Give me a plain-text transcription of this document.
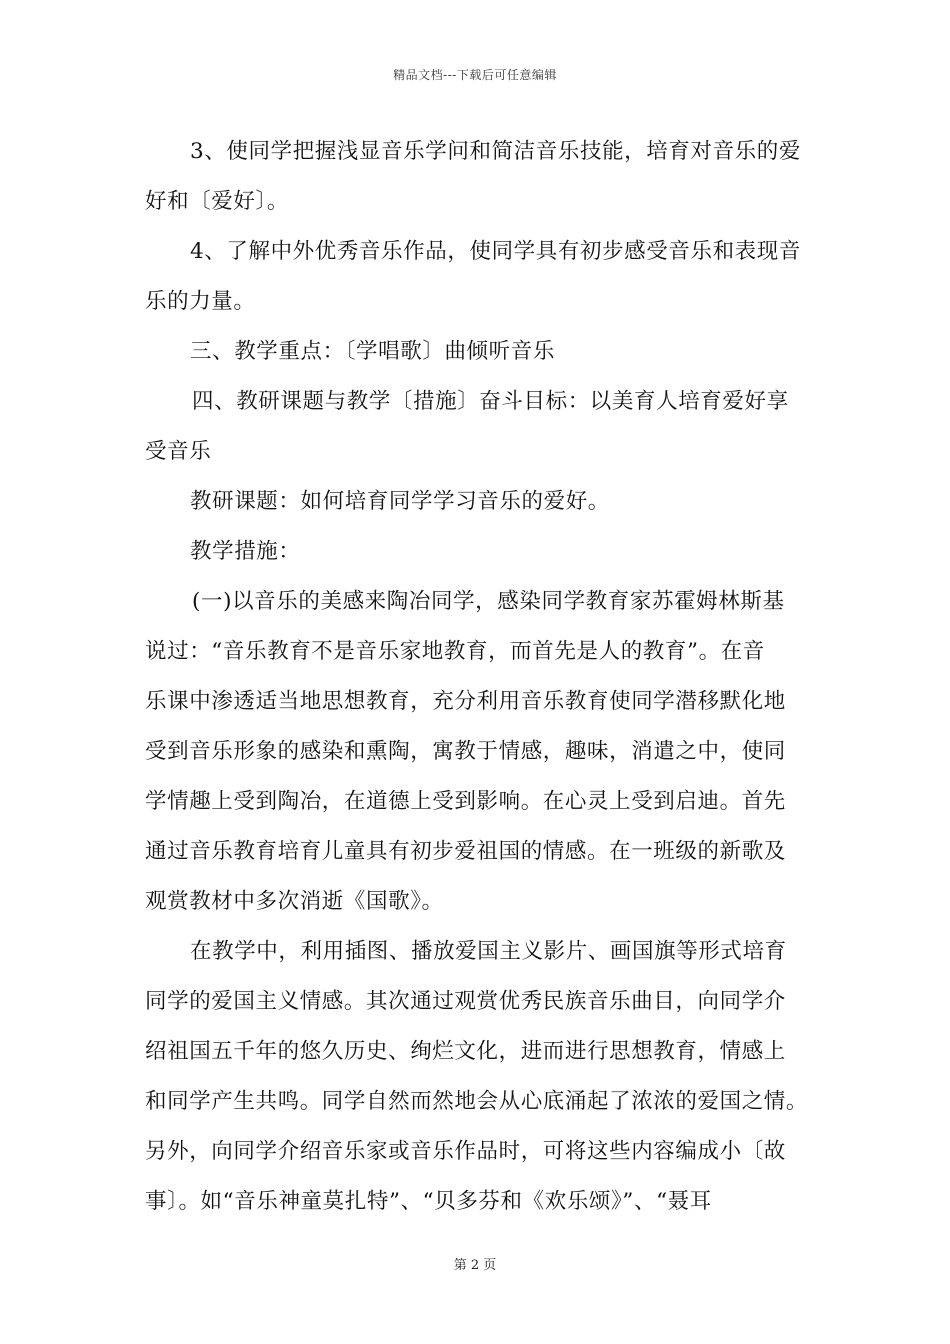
精品文档---下载后可任意编辑
3、使同学把握浅显音乐学问和简洁音乐技能，培育对音乐的爱
好和〔爱好〕。
4、了解中外优秀音乐作品，使同学具有初步感受音乐和表现音
乐的力量。
三、教学重点：〔学唱歌〕曲倾听音乐
四、教研课题与教学〔措施〕奋斗目标：以美育人培育爱好享
受音乐
教研课题：如何培育同学学习音乐的爱好。
教学措施：
(一)以音乐的美感来陶冶同学，感染同学教育家苏霍姆林斯基
说过：“音乐教育不是音乐家地教育，而首先是人的教育”。在音
乐课中渗透适当地思想教育，充分利用音乐教育使同学潜移默化地
受到音乐形象的感染和熏陶，寓教于情感，趣味，消遣之中，使同
学情趣上受到陶冶，在道德上受到影响。在心灵上受到启迪。首先
通过音乐教育培育儿童具有初步爱祖国的情感。在一班级的新歌及
观赏教材中多次消逝《国歌》。
在教学中，利用插图、播放爱国主义影片、画国旗等形式培育
同学的爱国主义情感。其次通过观赏优秀民族音乐曲目，向同学介
绍祖国五千年的悠久历史、绚烂文化，进而进行思想教育，情感上
和同学产生共鸣。同学自然而然地会从心底涌起了浓浓的爱国之情。
另外，向同学介绍音乐家或音乐作品时，可将这些内容编成小〔故
事〕。如“音乐神童莫扎特”、“贝多芬和《欢乐颂》”、“聂耳
第 2 页
